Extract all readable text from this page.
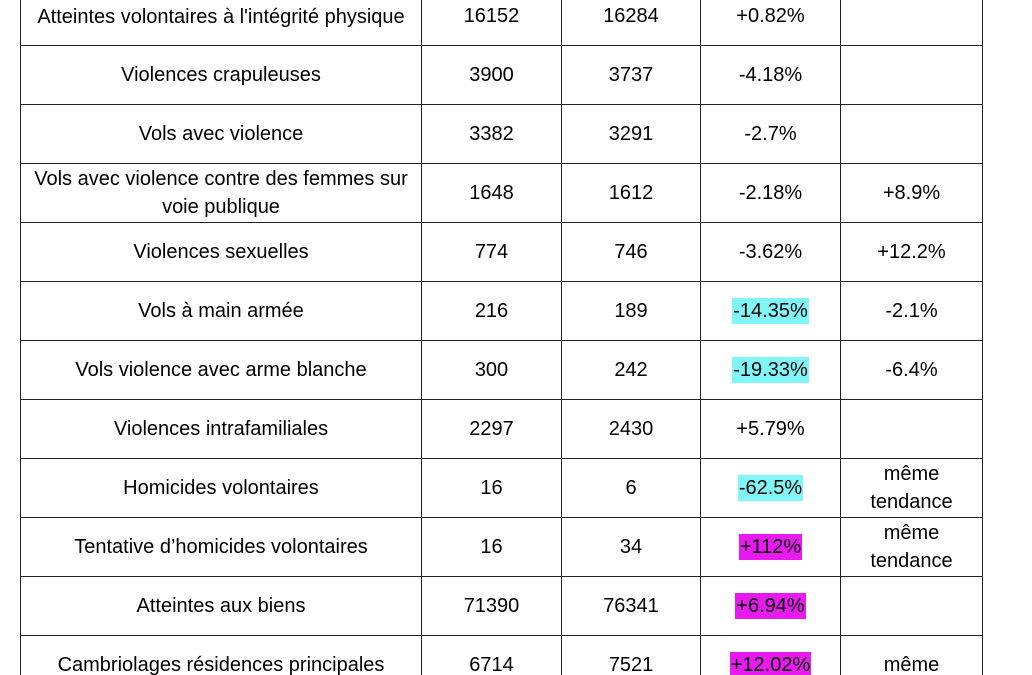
Atteintes volontaires à l'intégrité physique	16152	16284	+0.82%	
Violences crapuleuses	3900	3737	-4.18%	
Vols avec violence	3382	3291	-2.7%	
Vols avec violence contre des femmes sur voie publique	1648	1612	-2.18%	+8.9%
Violences sexuelles	774	746	-3.62%	+12.2%
Vols à main armée	216	189	-14.35%	-2.1%
Vols violence avec arme blanche	300	242	-19.33%	-6.4%
Violences intrafamiliales	2297	2430	+5.79%	
Homicides volontaires	16	6	-62.5%	même tendance
Tentative d’homicides volontaires	16	34	+112%	même tendance
Atteintes aux biens	71390	76341	+6.94%	
Cambriolages résidences principales	6714	7521	+12.02%	même
